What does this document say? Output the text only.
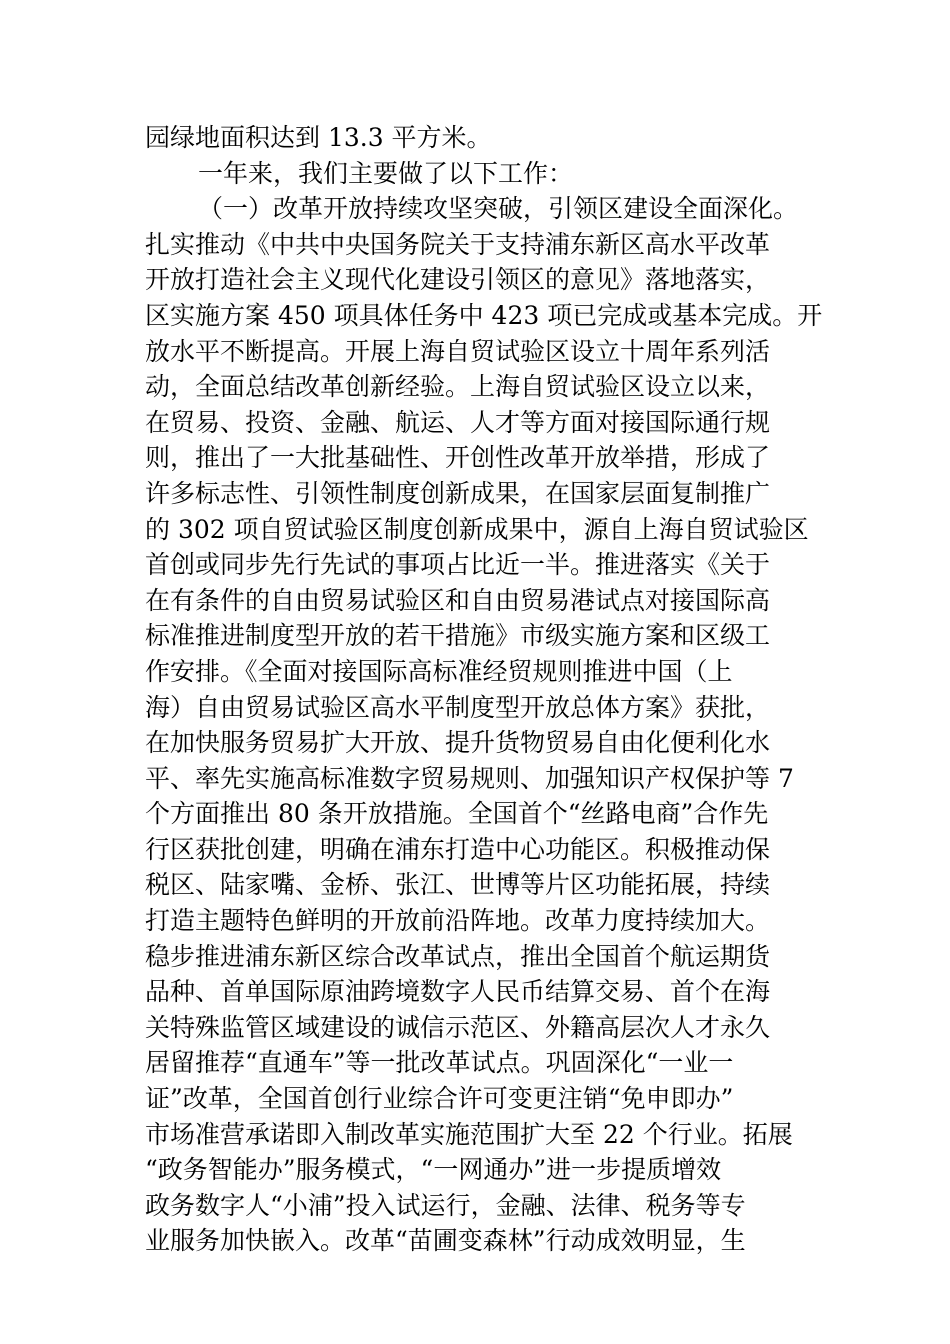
园绿地面积达到 13.3 平方米。
一年来，我们主要做了以下工作：
（一）改革开放持续攻坚突破，引领区建设全面深化。
扎实推动《中共中央国务院关于支持浦东新区高水平改革
开放打造社会主义现代化建设引领区的意见》落地落实，
区实施方案 450 项具体任务中 423 项已完成或基本完成。开
放水平不断提高。开展上海自贸试验区设立十周年系列活
动，全面总结改革创新经验。上海自贸试验区设立以来，
在贸易、投资、金融、航运、人才等方面对接国际通行规
则，推出了一大批基础性、开创性改革开放举措，形成了
许多标志性、引领性制度创新成果，在国家层面复制推广
的 302 项自贸试验区制度创新成果中，源自上海自贸试验区
首创或同步先行先试的事项占比近一半。推进落实《关于
在有条件的自由贸易试验区和自由贸易港试点对接国际高
标准推进制度型开放的若干措施》市级实施方案和区级工
作安排。《全面对接国际高标准经贸规则推进中国（上
海）自由贸易试验区高水平制度型开放总体方案》获批，
在加快服务贸易扩大开放、提升货物贸易自由化便利化水
平、率先实施高标准数字贸易规则、加强知识产权保护等 7
个方面推出 80 条开放措施。全国首个“丝路电商”合作先
行区获批创建，明确在浦东打造中心功能区。积极推动保
税区、陆家嘴、金桥、张江、世博等片区功能拓展，持续
打造主题特色鲜明的开放前沿阵地。改革力度持续加大。
稳步推进浦东新区综合改革试点，推出全国首个航运期货
品种、首单国际原油跨境数字人民币结算交易、首个在海
关特殊监管区域建设的诚信示范区、外籍高层次人才永久
居留推荐“直通车”等一批改革试点。巩固深化“一业一
证”改革，全国首创行业综合许可变更注销“免申即办”
市场准营承诺即入制改革实施范围扩大至 22 个行业。拓展
“政务智能办”服务模式，“一网通办”进一步提质增效
政务数字人“小浦”投入试运行，金融、法律、税务等专
业服务加快嵌入。改革“苗圃变森林”行动成效明显，生
